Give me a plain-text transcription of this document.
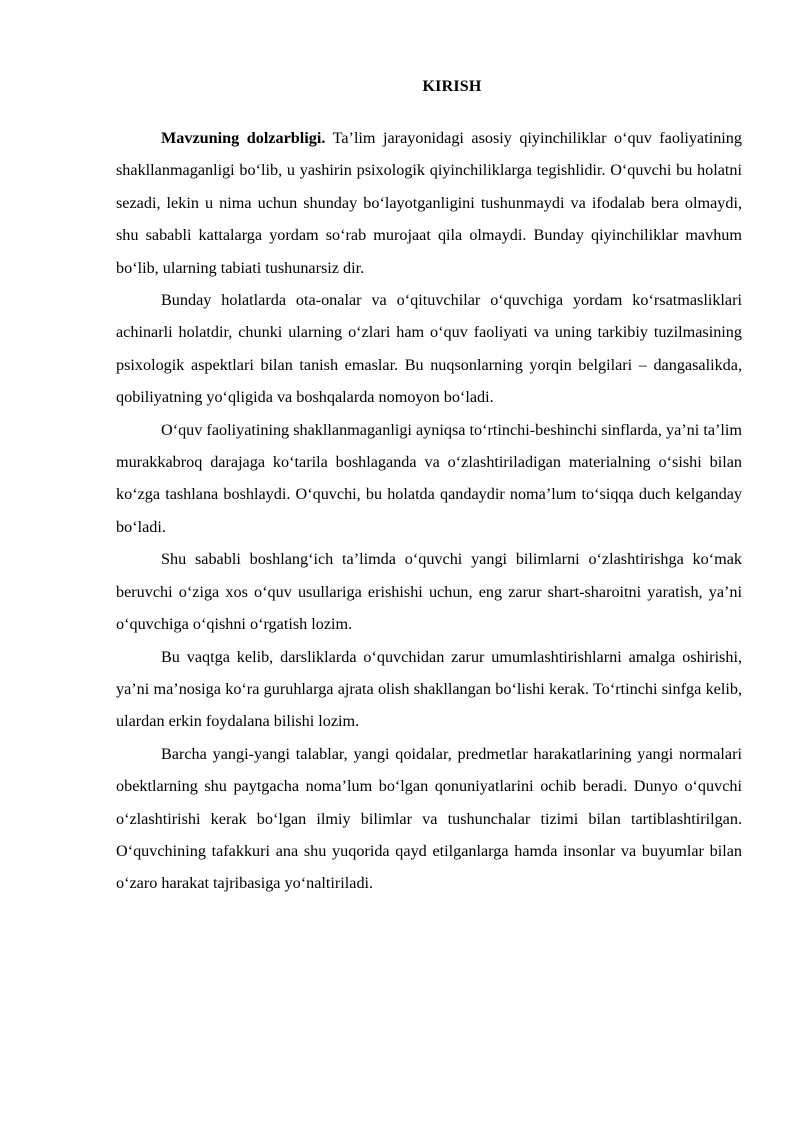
KIRISH

Mavzuning dolzarbligi. Ta’lim jarayonidagi asosiy qiyinchiliklar o‘quv faoliyatining shakllanmaganligi bo‘lib, u yashirin psixologik qiyinchiliklarga tegishlidir. O‘quvchi bu holatni sezadi, lekin u nima uchun shunday bo‘layotganligini tushunmaydi va ifodalab bera olmaydi, shu sababli kattalarga yordam so‘rab murojaat qila olmaydi. Bunday qiyinchiliklar mavhum bo‘lib, ularning tabiati tushunarsiz dir.

Bunday holatlarda ota-onalar va o‘qituvchilar o‘quvchiga yordam ko‘rsatmasliklari achinarli holatdir, chunki ularning o‘zlari ham o‘quv faoliyati va uning tarkibiy tuzilmasining psixologik aspektlari bilan tanish emaslar. Bu nuqsonlarning yorqin belgilari – dangasalikda, qobiliyatning yo‘qligida va boshqalarda nomoyon bo‘ladi.

O‘quv faoliyatining shakllanmaganligi ayniqsa to‘rtinchi-beshinchi sinflarda, ya’ni ta’lim murakkabroq darajaga ko‘tarila boshlaganda va o‘zlashtiriladigan materialning o‘sishi bilan ko‘zga tashlana boshlaydi. O‘quvchi, bu holatda qandaydir noma’lum to‘siqqa duch kelganday bo‘ladi.

Shu sababli boshlang‘ich ta’limda o‘quvchi yangi bilimlarni o‘zlashtirishga ko‘mak beruvchi o‘ziga xos o‘quv usullariga erishishi uchun, eng zarur shart-sharoitni yaratish, ya’ni o‘quvchiga o‘qishni o‘rgatish lozim.

Bu vaqtga kelib, darsliklarda o‘quvchidan zarur umumlashtirishlarni amalga oshirishi, ya’ni ma’nosiga ko‘ra guruhlarga ajrata olish shakllangan bo‘lishi kerak. To‘rtinchi sinfga kelib, ulardan erkin foydalana bilishi lozim.

Barcha yangi-yangi talablar, yangi qoidalar, predmetlar harakatlarining yangi normalari obektlarning shu paytgacha noma’lum bo‘lgan qonuniyatlarini ochib beradi. Dunyo o‘quvchi o‘zlashtirishi kerak bo‘lgan ilmiy bilimlar va tushunchalar tizimi bilan tartiblashtirilgan. O‘quvchining tafakkuri ana shu yuqorida qayd etilganlarga hamda insonlar va buyumlar bilan o‘zaro harakat tajribasiga yo‘naltiriladi.
